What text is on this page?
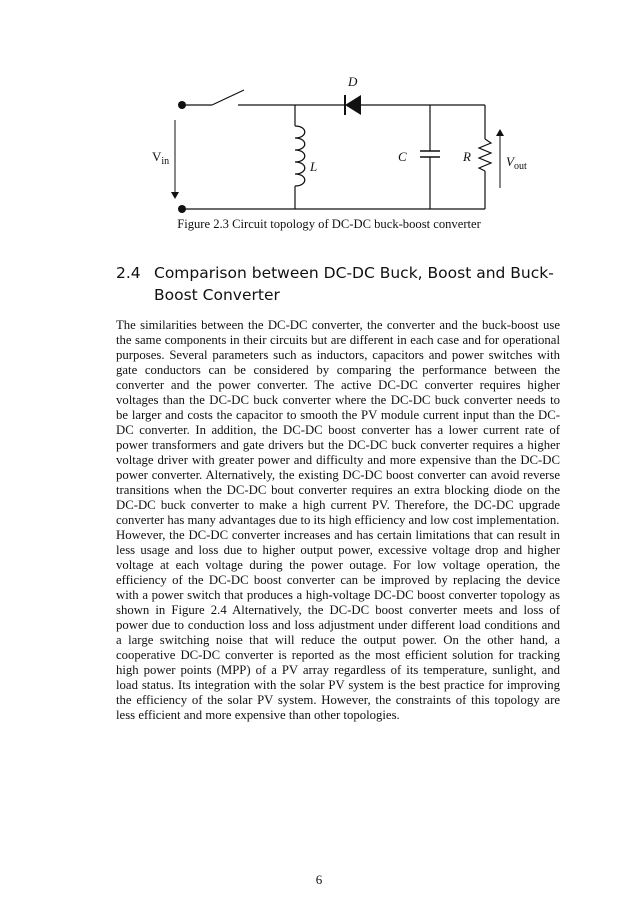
D
$V_{in}$	L
C	R	$V_{out}$
Figure 2.3 Circuit topology of DC-DC buck-boost converter
2.4 Comparison between DC-DC Buck, Boost and Buck-Boost Converter

The similarities between the DC-DC converter, the converter and the buck-boost use the same components in their circuits but are different in each case and for operational purposes. Several parameters such as inductors, capacitors and power switches with gate conductors can be considered by comparing the performance between the converter and the power converter. The active DC-DC converter requires higher voltages than the DC-DC buck converter where the DC-DC buck converter needs to be larger and costs the capacitor to smooth the PV module current input than the DC-DC converter. In addition, the DC-DC boost converter has a lower current rate of power transformers and gate drivers but the DC-DC buck converter requires a higher voltage driver with greater power and difficulty and more expensive than the DC-DC power converter. Alternatively, the existing DC-DC boost converter can avoid reverse transitions when the DC-DC bout converter requires an extra blocking diode on the DC-DC buck converter to make a high current PV. Therefore, the DC-DC upgrade converter has many advantages due to its high efficiency and low cost implementation.

However, the DC-DC converter increases and has certain limitations that can result in less usage and loss due to higher output power, excessive voltage drop and higher voltage at each voltage during the power outage. For low voltage operation, the efficiency of the DC-DC boost converter can be improved by replacing the device with a power switch that produces a high-voltage DC-DC boost converter topology as shown in Figure 2.4 Alternatively, the DC-DC boost converter meets and loss of power due to conduction loss and loss adjustment under different load conditions and a large switching noise that will reduce the output power. On the other hand, a cooperative DC-DC converter is reported as the most efficient solution for tracking high power points (MPP) of a PV array regardless of its temperature, sunlight, and load status. Its integration with the solar PV system is the best practice for improving the efficiency of the solar PV system. However, the constraints of this topology are less efficient and more expensive than other topologies.

6
